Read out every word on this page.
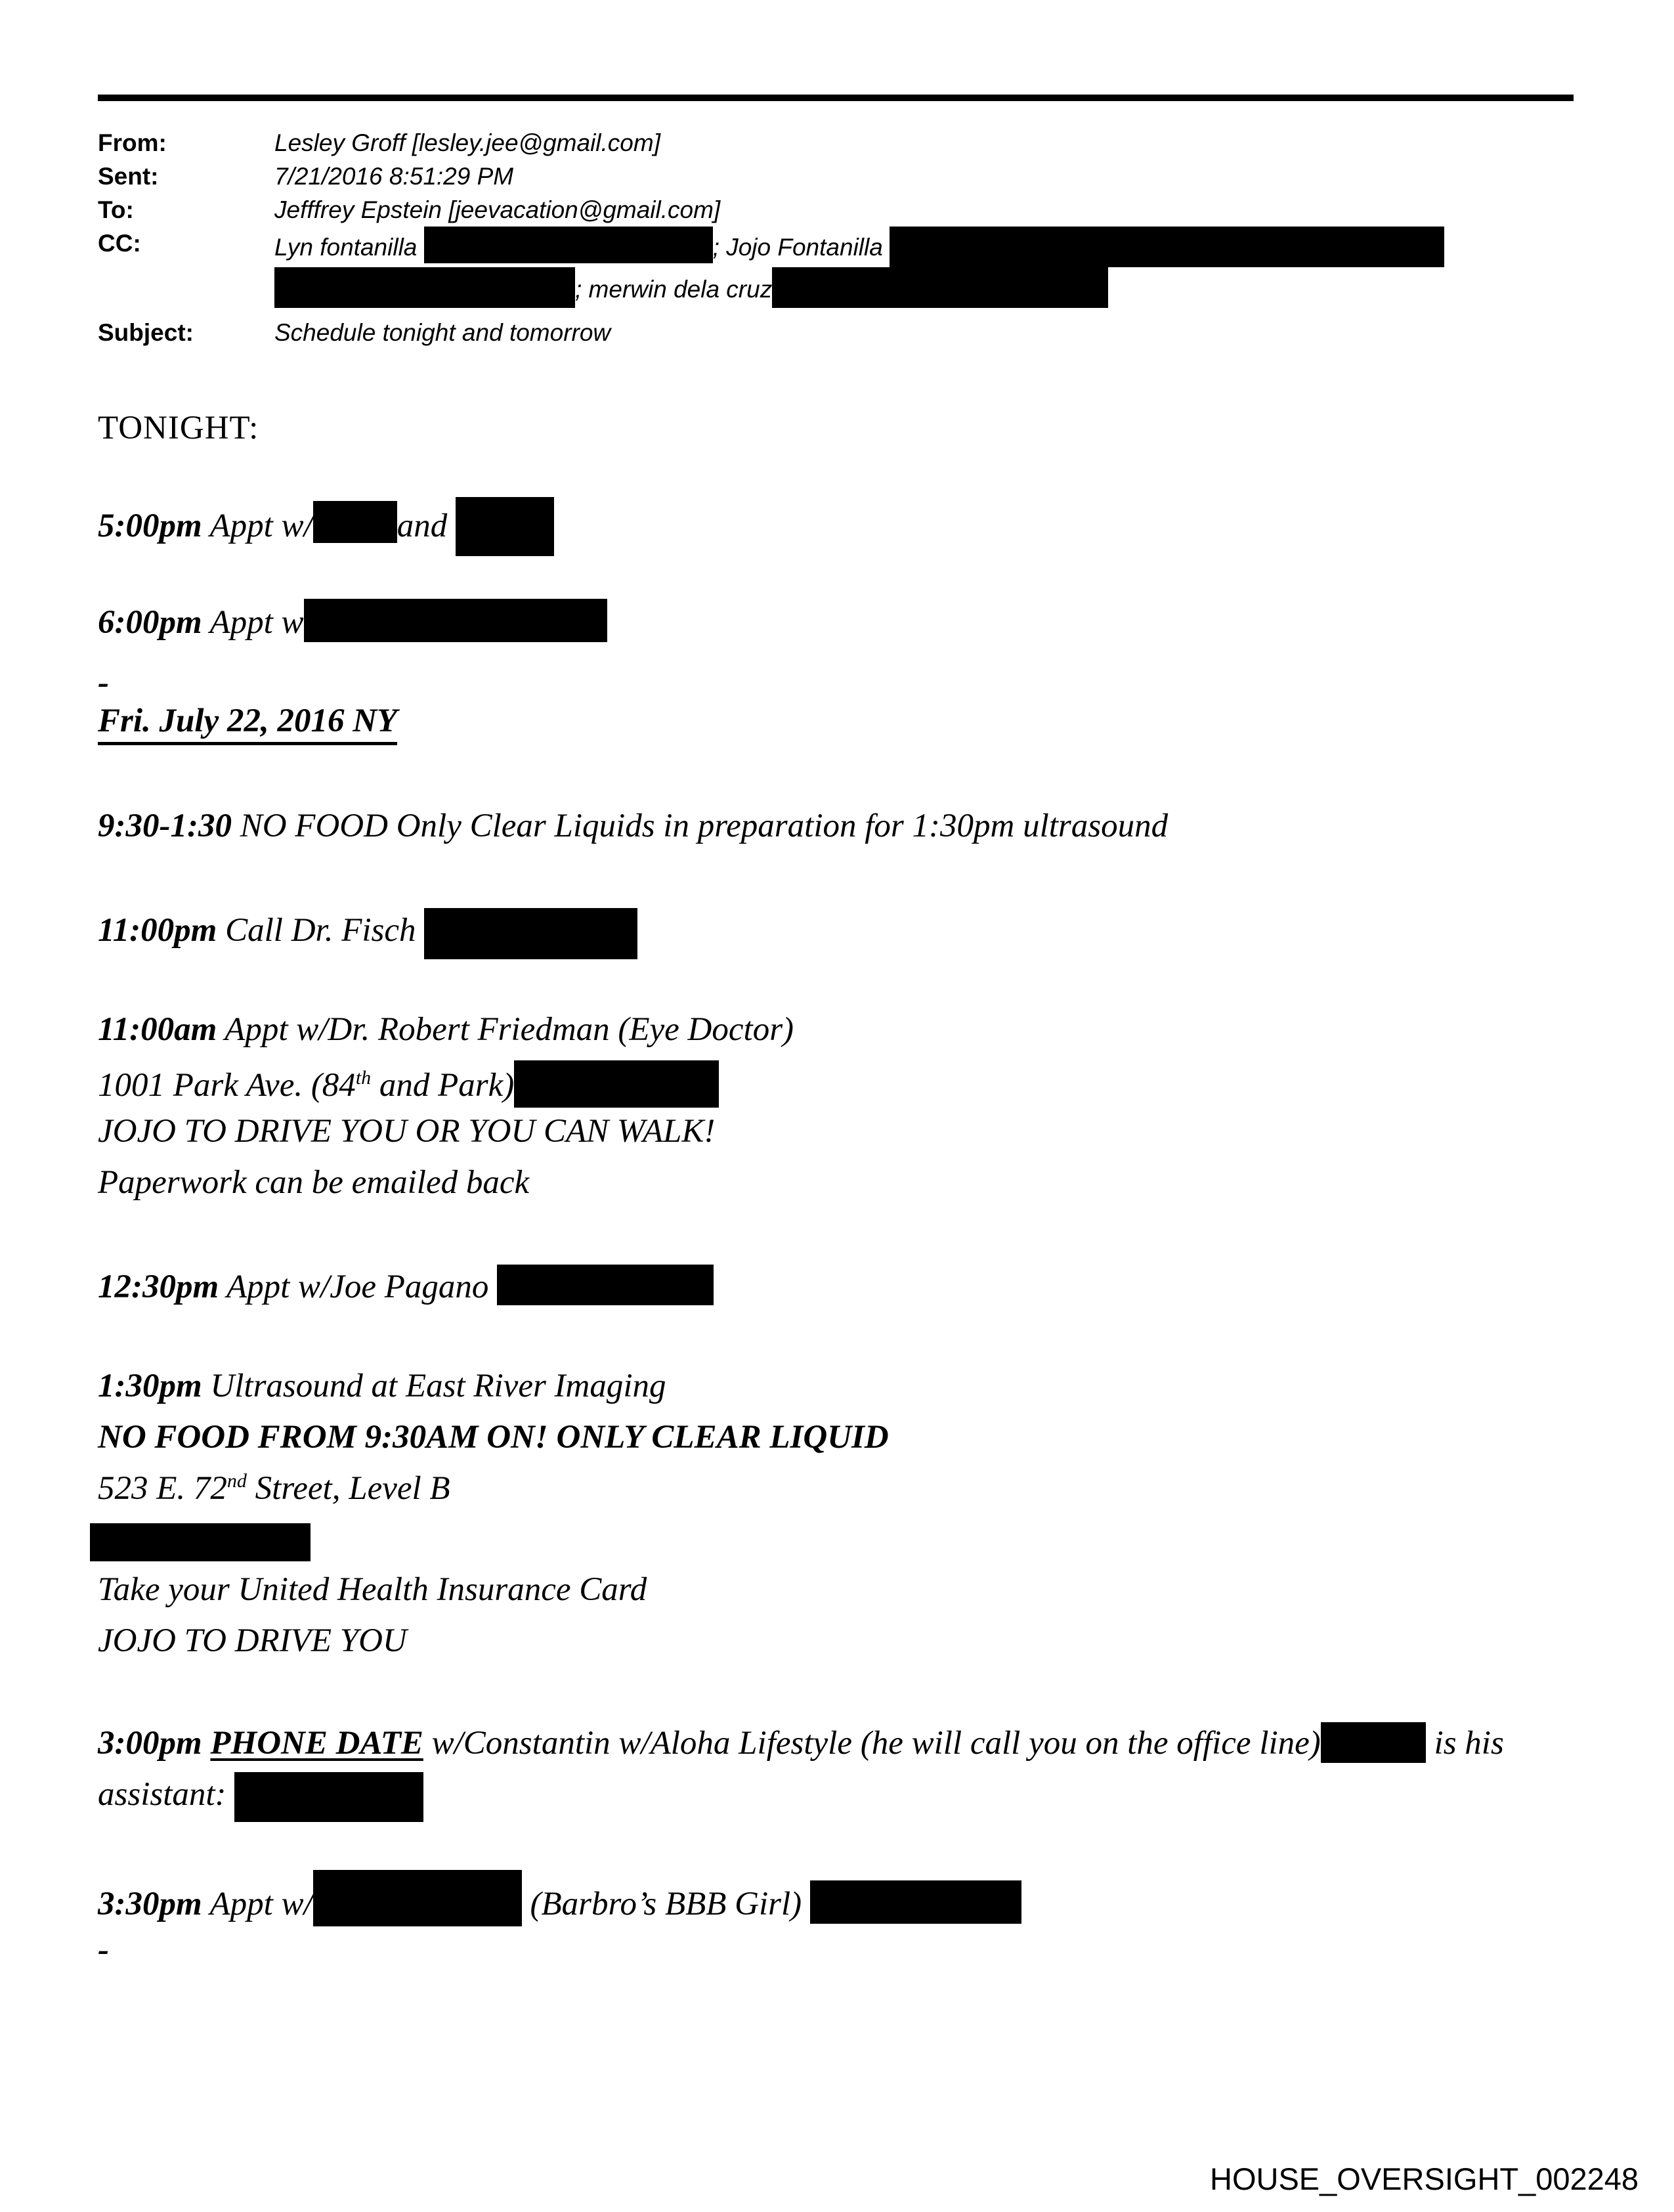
From:	Lesley Groff [lesley.jee@gmail.com]
Sent:	7/21/2016 8:51:29 PM
To:	Jefffrey Epstein [jeevacation@gmail.com]
CC:	Lyn fontanilla	; Jojo Fontanilla
; merwin dela cruz
Subject:	Schedule tonight and tomorrow
TONIGHT:
5:00pm Appt w/	and
6:00pm Appt w
-
Fri. July 22, 2016 NY
9:30-1:30 NO FOOD Only Clear Liquids in preparation for 1:30pm ultrasound
11:00pm Call Dr. Fisch
11:00am Appt w/Dr. Robert Friedman (Eye Doctor)
1001 Park Ave. (84th and Park)
JOJO TO DRIVE YOU OR YOU CAN WALK!
Paperwork can be emailed back
12:30pm Appt w/Joe Pagano
1:30pm Ultrasound at East River Imaging
NO FOOD FROM 9:30AM ON! ONLY CLEAR LIQUID
523 E. 72nd Street, Level B
Take your United Health Insurance Card
JOJO TO DRIVE YOU
3:00pm PHONE DATE w/Constantin w/Aloha Lifestyle (he will call you on the office line)	is his
assistant:
3:30pm Appt w/	(Barbro’s BBB Girl)
-
HOUSE_OVERSIGHT_002248
